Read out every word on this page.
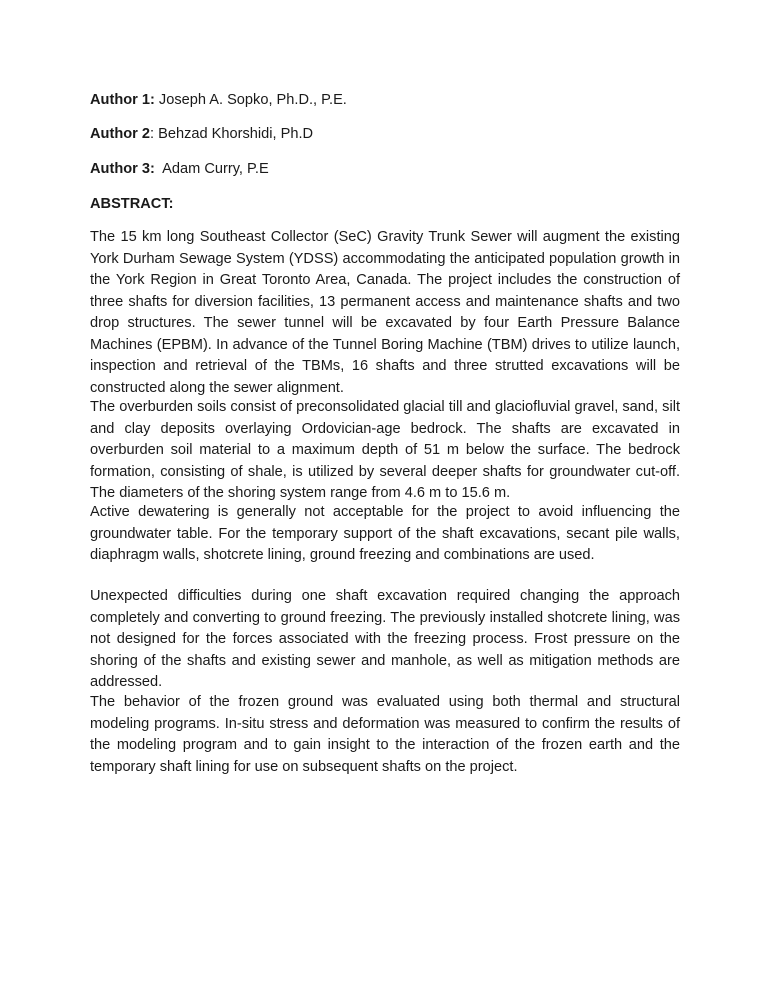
Author 1: Joseph A. Sopko, Ph.D., P.E.
Author 2: Behzad Khorshidi, Ph.D
Author 3:  Adam Curry, P.E
ABSTRACT:

The 15 km long Southeast Collector (SeC) Gravity Trunk Sewer will augment the existing York Durham Sewage System (YDSS) accommodating the anticipated population growth in the York Region in Great Toronto Area, Canada. The project includes the construction of three shafts for diversion facilities, 13 permanent access and maintenance shafts and two drop structures. The sewer tunnel will be excavated by four Earth Pressure Balance Machines (EPBM). In advance of the Tunnel Boring Machine (TBM) drives to utilize launch, inspection and retrieval of the TBMs, 16 shafts and three strutted excavations will be constructed along the sewer alignment.

The overburden soils consist of preconsolidated glacial till and glaciofluvial gravel, sand, silt and clay deposits overlaying Ordovician-age bedrock. The shafts are excavated in overburden soil material to a maximum depth of 51 m below the surface. The bedrock formation, consisting of shale, is utilized by several deeper shafts for groundwater cut-off. The diameters of the shoring system range from 4.6 m to 15.6 m.

Active dewatering is generally not acceptable for the project to avoid influencing the groundwater table. For the temporary support of the shaft excavations, secant pile walls, diaphragm walls, shotcrete lining, ground freezing and combinations are used.

Unexpected difficulties during one shaft excavation required changing the approach completely and converting to ground freezing. The previously installed shotcrete lining, was not designed for the forces associated with the freezing process. Frost pressure on the shoring of the shafts and existing sewer and manhole, as well as mitigation methods are addressed.

The behavior of the frozen ground was evaluated using both thermal and structural modeling programs. In-situ stress and deformation was measured to confirm the results of the modeling program and to gain insight to the interaction of the frozen earth and the temporary shaft lining for use on subsequent shafts on the project.
